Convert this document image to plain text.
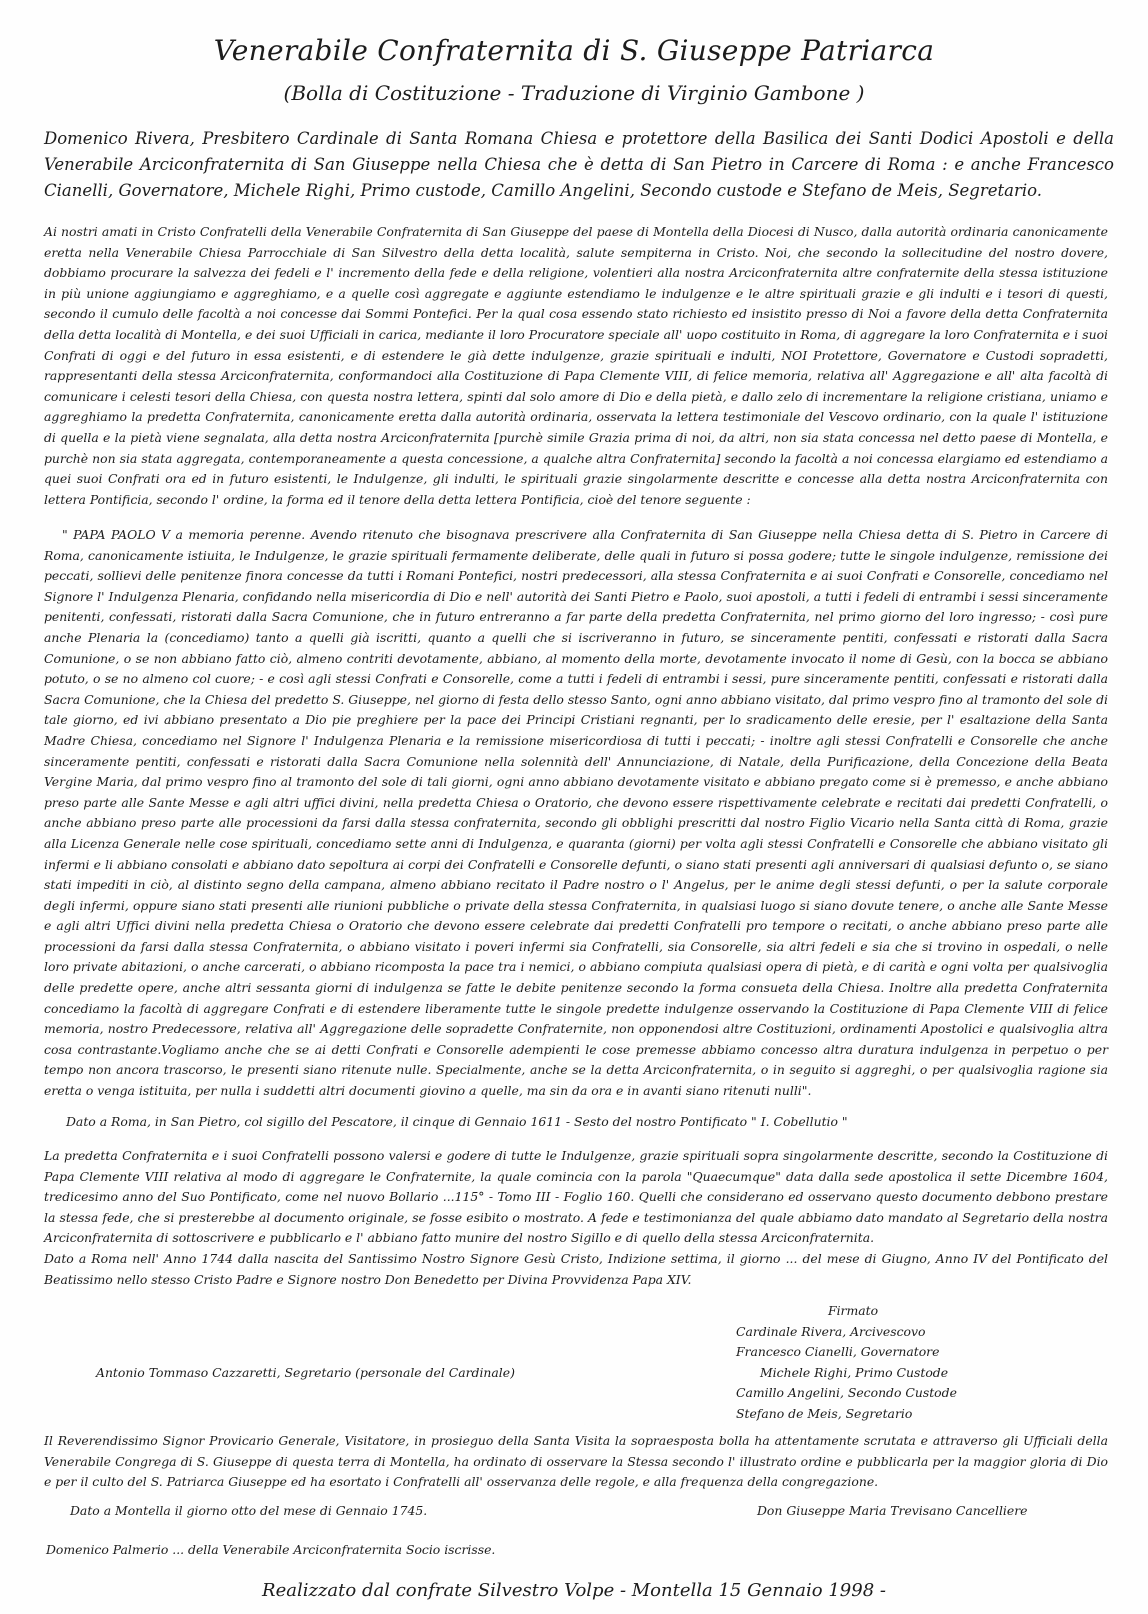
Venerabile Confraternita di S. Giuseppe Patriarca

(Bolla di Costituzione - Traduzione di Virginio Gambone )

Domenico Rivera, Presbitero Cardinale di Santa Romana Chiesa e protettore della Basilica dei Santi Dodici Apostoli e della Venerabile Arciconfraternita di San Giuseppe nella Chiesa che è detta di San Pietro in Carcere di Roma : e anche Francesco Cianelli, Governatore, Michele Righi, Primo custode, Camillo Angelini, Secondo custode e Stefano de Meis, Segretario.

Ai nostri amati in Cristo Confratelli della Venerabile Confraternita di San Giuseppe del paese di Montella della Diocesi di Nusco, dalla autorità ordinaria canonicamente eretta nella Venerabile Chiesa Parrocchiale di San Silvestro della detta località, salute sempiterna in Cristo. Noi, che secondo la sollecitudine del nostro dovere, dobbiamo procurare la salvezza dei fedeli e l' incremento della fede e della religione, volentieri alla nostra Arciconfraternita altre confraternite della stessa istituzione in più unione aggiungiamo e aggreghiamo, e a quelle così aggregate e aggiunte estendiamo le indulgenze e le altre spirituali grazie e gli indulti e i tesori di questi, secondo il cumulo delle facoltà a noi concesse dai Sommi Pontefici. Per la qual cosa essendo stato richiesto ed insistito presso di Noi a favore della detta Confraternita della detta località di Montella, e dei suoi Ufficiali in carica, mediante il loro Procuratore speciale all' uopo costituito in Roma, di aggregare la loro Confraternita e i suoi Confrati di oggi e del futuro in essa esistenti, e di estendere le già dette indulgenze, grazie spirituali e indulti, NOI Protettore, Governatore e Custodi sopradetti, rappresentanti della stessa Arciconfraternita, conformandoci alla Costituzione di Papa Clemente VIII, di felice memoria, relativa all' Aggregazione e all' alta facoltà di comunicare i celesti tesori della Chiesa, con questa nostra lettera, spinti dal solo amore di Dio e della pietà, e dallo zelo di incrementare la religione cristiana, uniamo e aggreghiamo la predetta Confraternita, canonicamente eretta dalla autorità ordinaria, osservata la lettera testimoniale del Vescovo ordinario, con la quale l' istituzione di quella e la pietà viene segnalata, alla detta nostra Arciconfraternita [purchè simile Grazia prima di noi, da altri, non sia stata concessa nel detto paese di Montella, e purchè non sia stata aggregata, contemporaneamente a questa concessione, a qualche altra Confraternita] secondo la facoltà a noi concessa elargiamo ed estendiamo a quei suoi Confrati ora ed in futuro esistenti, le Indulgenze, gli indulti, le spirituali grazie singolarmente descritte e concesse alla detta nostra Arciconfraternita con lettera Pontificia, secondo l' ordine, la forma ed il tenore della detta lettera Pontificia, cioè del tenore seguente :

" PAPA PAOLO V a memoria perenne. Avendo ritenuto che bisognava prescrivere alla Confraternita di San Giuseppe nella Chiesa detta di S. Pietro in Carcere di Roma, canonicamente istiuita, le Indulgenze, le grazie spirituali fermamente deliberate, delle quali in futuro si possa godere; tutte le singole indulgenze, remissione dei peccati, sollievi delle penitenze finora concesse da tutti i Romani Pontefici, nostri predecessori, alla stessa Confraternita e ai suoi Confrati e Consorelle, concediamo nel Signore l' Indulgenza Plenaria, confidando nella misericordia di Dio e nell' autorità dei Santi Pietro e Paolo, suoi apostoli, a tutti i fedeli di entrambi i sessi sinceramente penitenti, confessati, ristorati dalla Sacra Comunione, che in futuro entreranno a far parte della predetta Confraternita, nel primo giorno del loro ingresso; - così pure anche Plenaria la (concediamo) tanto a quelli già iscritti, quanto a quelli che si iscriveranno in futuro, se sinceramente pentiti, confessati e ristorati dalla Sacra Comunione, o se non abbiano fatto ciò, almeno contriti devotamente, abbiano, al momento della morte, devotamente invocato il nome di Gesù, con la bocca se abbiano potuto, o se no almeno col cuore; - e così agli stessi Confrati e Consorelle, come a tutti i fedeli di entrambi i sessi, pure sinceramente pentiti, confessati e ristorati dalla Sacra Comunione, che la Chiesa del predetto S. Giuseppe, nel giorno di festa dello stesso Santo, ogni anno abbiano visitato, dal primo vespro fino al tramonto del sole di tale giorno, ed ivi abbiano presentato a Dio pie preghiere per la pace dei Principi Cristiani regnanti, per lo sradicamento delle eresie, per l' esaltazione della Santa Madre Chiesa, concediamo nel Signore l' Indulgenza Plenaria e la remissione misericordiosa di tutti i peccati; - inoltre agli stessi Confratelli e Consorelle che anche sinceramente pentiti, confessati e ristorati dalla Sacra Comunione nella solennità dell' Annunciazione, di Natale, della Purificazione, della Concezione della Beata Vergine Maria, dal primo vespro fino al tramonto del sole di tali giorni, ogni anno abbiano devotamente visitato e abbiano pregato come si è premesso, e anche abbiano preso parte alle Sante Messe e agli altri uffici divini, nella predetta Chiesa o Oratorio, che devono essere rispettivamente celebrate e recitati dai predetti Confratelli, o anche abbiano preso parte alle processioni da farsi dalla stessa confraternita, secondo gli obblighi prescritti dal nostro Figlio Vicario nella Santa città di Roma, grazie alla Licenza Generale nelle cose spirituali, concediamo sette anni di Indulgenza, e quaranta (giorni) per volta agli stessi Confratelli e Consorelle che abbiano visitato gli infermi e li abbiano consolati e abbiano dato sepoltura ai corpi dei Confratelli e Consorelle defunti, o siano stati presenti agli anniversari di qualsiasi defunto o, se siano stati impediti in ciò, al distinto segno della campana, almeno abbiano recitato il Padre nostro o l' Angelus, per le anime degli stessi defunti, o per la salute corporale degli infermi, oppure siano stati presenti alle riunioni pubbliche o private della stessa Confraternita, in qualsiasi luogo si siano dovute tenere, o anche alle Sante Messe e agli altri Uffici divini nella predetta Chiesa o Oratorio che devono essere celebrate dai predetti Confratelli pro tempore o recitati, o anche abbiano preso parte alle processioni da farsi dalla stessa Confraternita, o abbiano visitato i poveri infermi sia Confratelli, sia Consorelle, sia altri fedeli e sia che si trovino in ospedali, o nelle loro private abitazioni, o anche carcerati, o abbiano ricomposta la pace tra i nemici, o abbiano compiuta qualsiasi opera di pietà, e di carità e ogni volta per qualsivoglia delle predette opere, anche altri sessanta giorni di indulgenza se fatte le debite penitenze secondo la forma consueta della Chiesa. Inoltre alla predetta Confraternita concediamo la facoltà di aggregare Confrati e di estendere liberamente tutte le singole predette indulgenze osservando la Costituzione di Papa Clemente VIII di felice memoria, nostro Predecessore, relativa all' Aggregazione delle sopradette Confraternite, non opponendosi altre Costituzioni, ordinamenti Apostolici e qualsivoglia altra cosa contrastante.Vogliamo anche che se ai detti Confrati e Consorelle adempienti le cose premesse abbiamo concesso altra duratura indulgenza in perpetuo o per tempo non ancora trascorso, le presenti siano ritenute nulle. Specialmente, anche se la detta Arciconfraternita, o in seguito si aggreghi, o per qualsivoglia ragione sia eretta o venga istituita, per nulla i suddetti altri documenti giovino a quelle, ma sin da ora e in avanti siano ritenuti nulli".

Dato a Roma, in San Pietro, col sigillo del Pescatore, il cinque di Gennaio 1611 - Sesto del nostro Pontificato " I. Cobellutio "

La predetta Confraternita e i suoi Confratelli possono valersi e godere di tutte le Indulgenze, grazie spirituali sopra singolarmente descritte, secondo la Costituzione di Papa Clemente VIII relativa al modo di aggregare le Confraternite, la quale comincia con la parola "Quaecumque" data dalla sede apostolica il sette Dicembre 1604, tredicesimo anno del Suo Pontificato, come nel nuovo Bollario ...115° - Tomo III - Foglio 160. Quelli che considerano ed osservano questo documento debbono prestare la stessa fede, che si presterebbe al documento originale, se fosse esibito o mostrato. A fede e testimonianza del quale abbiamo dato mandato al Segretario della nostra Arciconfraternita di sottoscrivere e pubblicarlo e l' abbiano fatto munire del nostro Sigillo e di quello della stessa Arciconfraternita.
Dato a Roma nell' Anno 1744 dalla nascita del Santissimo Nostro Signore Gesù Cristo, Indizione settima, il giorno ... del mese di Giugno, Anno IV del Pontificato del Beatissimo nello stesso Cristo Padre e Signore nostro Don Benedetto per Divina Provvidenza Papa XIV.
Firmato
Cardinale Rivera, Arcivescovo
Francesco Cianelli, Governatore
Michele Righi, Primo Custode
Camillo Angelini, Secondo Custode
Stefano de Meis, Segretario

Antonio Tommaso Cazzaretti, Segretario (personale del Cardinale)

Il Reverendissimo Signor Provicario Generale, Visitatore, in prosieguo della Santa Visita la sopraesposta bolla ha attentamente scrutata e attraverso gli Ufficiali della Venerabile Congrega di S. Giuseppe di questa terra di Montella, ha ordinato di osservare la Stessa secondo l' illustrato ordine e pubblicarla per la maggior gloria di Dio e per il culto del S. Patriarca Giuseppe ed ha esortato i Confratelli all' osservanza delle regole, e alla frequenza della congregazione.

Dato a Montella il giorno otto del mese di Gennaio 1745.	Don Giuseppe Maria Trevisano Cancelliere

Domenico Palmerio ... della Venerabile Arciconfraternita Socio iscrisse.

Realizzato dal confrate Silvestro Volpe - Montella 15 Gennaio 1998 -
